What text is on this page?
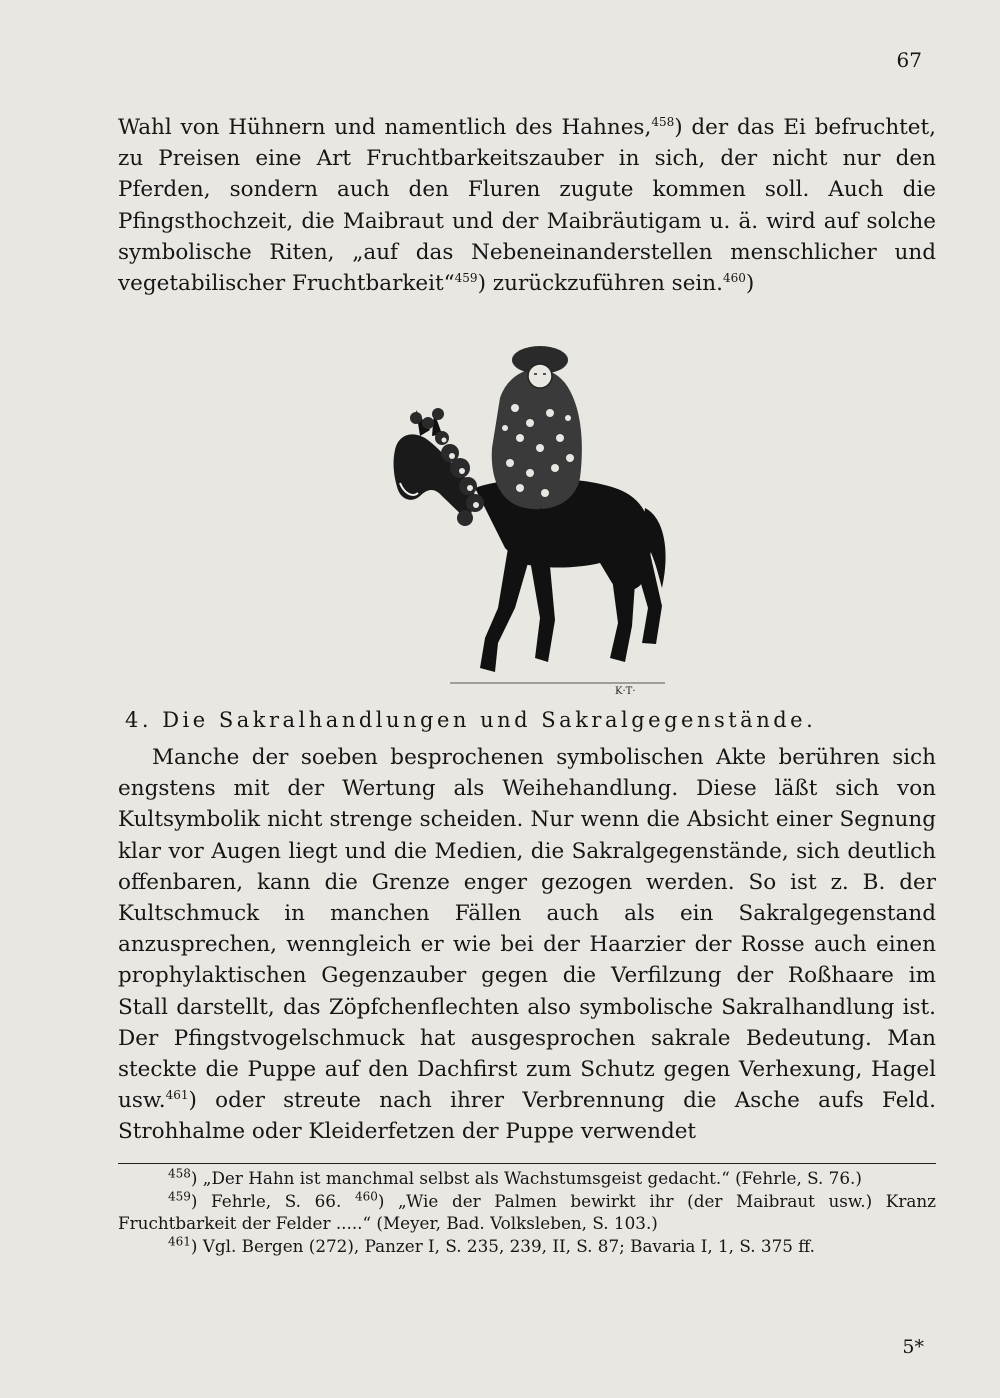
67

Wahl von Hühnern und namentlich des Hahnes,$^{458}$) der das Ei befruchtet, zu Preisen eine Art Fruchtbarkeitszauber in sich, der nicht nur den Pferden, sondern auch den Fluren zugute kommen soll. Auch die Pfingsthochzeit, die Maibraut und der Maibräutigam u. ä. wird auf solche symbolische Riten, „auf das Nebeneinanderstellen menschlicher und vegetabilischer Fruchtbarkeit“$^{459}$) zurückzuführen sein.$^{460}$)

K·T·
4. Die Sakralhandlungen und Sakralgegenstände.

Manche der soeben besprochenen symbolischen Akte berühren sich engstens mit der Wertung als Weihehandlung. Diese läßt sich von Kultsymbolik nicht strenge scheiden. Nur wenn die Absicht einer Segnung klar vor Augen liegt und die Medien, die Sakralgegenstände, sich deutlich offenbaren, kann die Grenze enger gezogen werden. So ist z. B. der Kultschmuck in manchen Fällen auch als ein Sakralgegenstand anzusprechen, wenngleich er wie bei der Haarzier der Rosse auch einen prophylaktischen Gegenzauber gegen die Verfilzung der Roßhaare im Stall darstellt, das Zöpfchenflechten also symbolische Sakralhandlung ist. Der Pfingstvogelschmuck hat ausgesprochen sakrale Bedeutung. Man steckte die Puppe auf den Dachfirst zum Schutz gegen Verhexung, Hagel usw.$^{461}$) oder streute nach ihrer Verbrennung die Asche aufs Feld. Strohhalme oder Kleiderfetzen der Puppe verwendet

$^{458}$) „Der Hahn ist manchmal selbst als Wachstumsgeist gedacht.“ (Fehrle, S. 76.)

$^{459}$) Fehrle, S. 66. $^{460}$) „Wie der Palmen bewirkt ihr (der Maibraut usw.) Kranz Fruchtbarkeit der Felder .....“ (Meyer, Bad. Volksleben, S. 103.)

$^{461}$) Vgl. Bergen (272), Panzer I, S. 235, 239, II, S. 87; Bavaria I, 1, S. 375 ff.

5*
